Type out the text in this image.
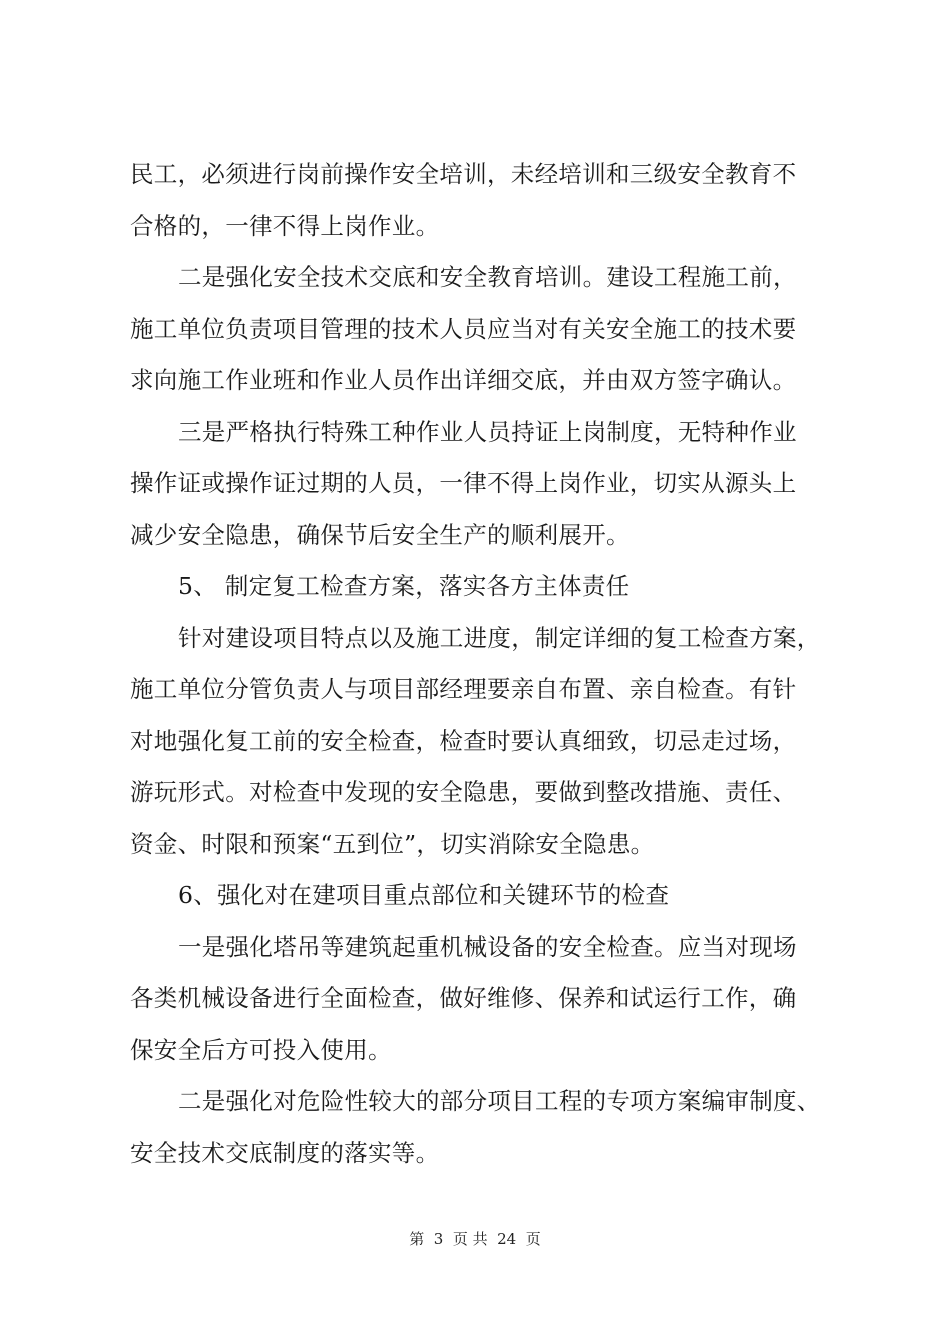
民工，必须进行岗前操作安全培训，未经培训和三级安全教育不

合格的，一律不得上岗作业。

二是强化安全技术交底和安全教育培训。建设工程施工前，

施工单位负责项目管理的技术人员应当对有关安全施工的技术要

求向施工作业班和作业人员作出详细交底，并由双方签字确认。

三是严格执行特殊工种作业人员持证上岗制度，无特种作业

操作证或操作证过期的人员，一律不得上岗作业，切实从源头上

减少安全隐患，确保节后安全生产的顺利展开。

5、 制定复工检查方案，落实各方主体责任

针对建设项目特点以及施工进度，制定详细的复工检查方案，

施工单位分管负责人与项目部经理要亲自布置、亲自检查。有针

对地强化复工前的安全检查，检查时要认真细致，切忌走过场，

游玩形式。对检查中发现的安全隐患，要做到整改措施、责任、

资金、时限和预案“五到位”，切实消除安全隐患。

6、强化对在建项目重点部位和关键环节的检查

一是强化塔吊等建筑起重机械设备的安全检查。应当对现场

各类机械设备进行全面检查，做好维修、保养和试运行工作，确

保安全后方可投入使用。

二是强化对危险性较大的部分项目工程的专项方案编审制度、

安全技术交底制度的落实等。

第  3  页 共  24  页
